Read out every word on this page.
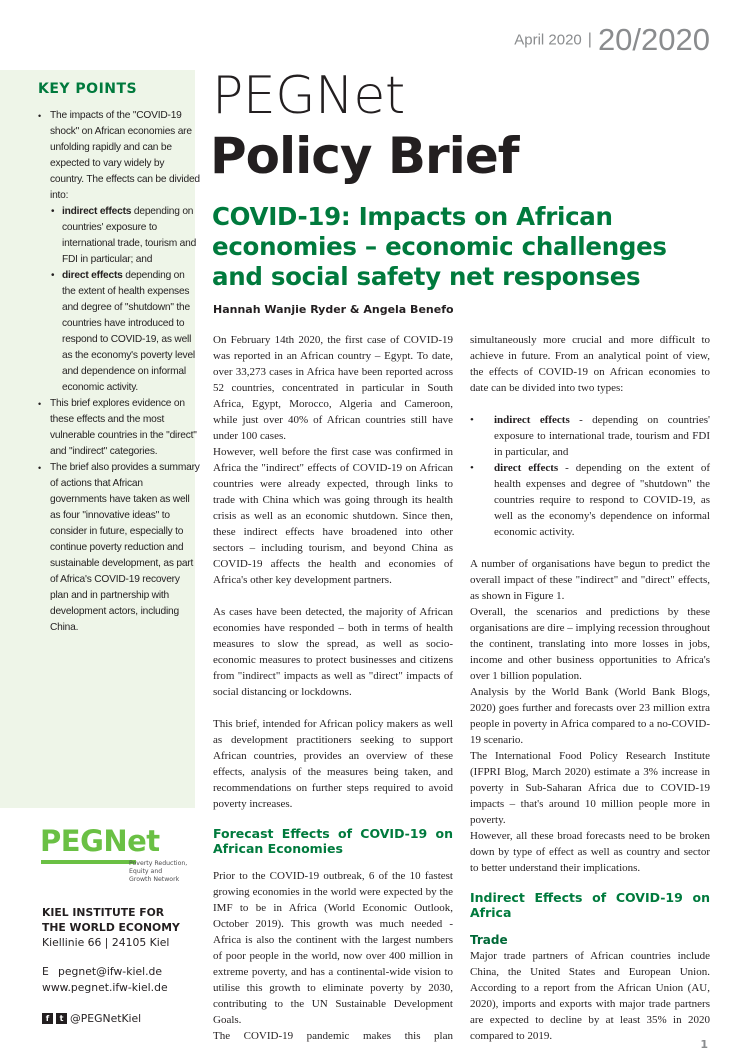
April 2020 | 20/2020
KEY POINTS
• The impacts of the "COVID-19 shock" on African economies are unfolding rapidly and can be expected to vary widely by country. The effects can be divided into:
• indirect effects depending on countries' exposure to international trade, tourism and FDI in particular; and
• direct effects depending on the extent of health expenses and degree of "shutdown" the countries have introduced to respond to COVID-19, as well as the economy's poverty level and dependence on informal economic activity.
• This brief explores evidence on these effects and the most vulnerable countries in the "direct" and "indirect" categories.
• The brief also provides a summary of actions that African governments have taken as well as four "innovative ideas" to consider in future, especially to continue poverty reduction and sustainable development, as part of Africa's COVID-19 recovery plan and in partnership with development actors, including China.
PEGNet
Poverty Reduction,
Equity and
Growth Network
KIEL INSTITUTE FOR
THE WORLD ECONOMY
Kiellinie 66 | 24105 Kiel
E pegnet@ifw-kiel.de
www.pegnet.ifw-kiel.de
f	t @PEGNetKiel
PEGNet
Policy Brief
COVID-19: Impacts on African economies – economic challenges and social safety net responses
Hannah Wanjie Ryder & Angela Benefo

On February 14th 2020, the first case of COVID-19 was reported in an African country – Egypt. To date, over 33,273 cases in Africa have been reported across 52 countries, concentrated in particular in South Africa, Egypt, Morocco, Algeria and Cameroon, while just over 40% of African countries still have under 100 cases.

However, well before the first case was confirmed in Africa the "indirect" effects of COVID-19 on African countries were already expected, through links to trade with China which was going through its health crisis as well as an economic shutdown. Since then, these indirect effects have broadened into other sectors – including tourism, and beyond China as COVID-19 affects the health and economies of Africa's other key development partners.

As cases have been detected, the majority of African economies have responded – both in terms of health measures to slow the spread, as well as socio-economic measures to protect businesses and citizens from "indirect" impacts as well as "direct" impacts of social distancing or lockdowns.

This brief, intended for African policy makers as well as development practitioners seeking to support African countries, provides an overview of these effects, analysis of the measures being taken, and recommendations on further steps required to avoid poverty increases.

Forecast Effects of COVID-19 on African Economies

Prior to the COVID-19 outbreak, 6 of the 10 fastest growing economies in the world were expected by the IMF to be in Africa (World Economic Outlook, October 2019). This growth was much needed - Africa is also the continent with the largest numbers of poor people in the world, now over 400 million in extreme poverty, and has a continental-wide vision to utilise this growth to eliminate poverty by 2030, contributing to the UN Sustainable Development Goals.

The COVID-19 pandemic makes this plan

simultaneously more crucial and more difficult to achieve in future. From an analytical point of view, the effects of COVID-19 on African economies to date can be divided into two types:

• indirect effects - depending on countries' exposure to international trade, tourism and FDI in particular, and
• direct effects - depending on the extent of health expenses and degree of "shutdown" the countries require to respond to COVID-19, as well as the economy's dependence on informal economic activity.

A number of organisations have begun to predict the overall impact of these "indirect" and "direct" effects, as shown in Figure 1.

Overall, the scenarios and predictions by these organisations are dire – implying recession throughout the continent, translating into more losses in jobs, income and other business opportunities to Africa's over 1 billion population.

Analysis by the World Bank (World Bank Blogs, 2020) goes further and forecasts over 23 million extra people in poverty in Africa compared to a no-COVID-19 scenario.

The International Food Policy Research Institute (IFPRI Blog, March 2020) estimate a 3% increase in poverty in Sub-Saharan Africa due to COVID-19 impacts – that's around 10 million people more in poverty.

However, all these broad forecasts need to be broken down by type of effect as well as country and sector to better understand their implications.

Indirect Effects of COVID-19 on Africa
Trade

Major trade partners of African countries include China, the United States and European Union. According to a report from the African Union (AU, 2020), imports and exports with major trade partners are expected to decline by at least 35% in 2020 compared to 2019.

1
